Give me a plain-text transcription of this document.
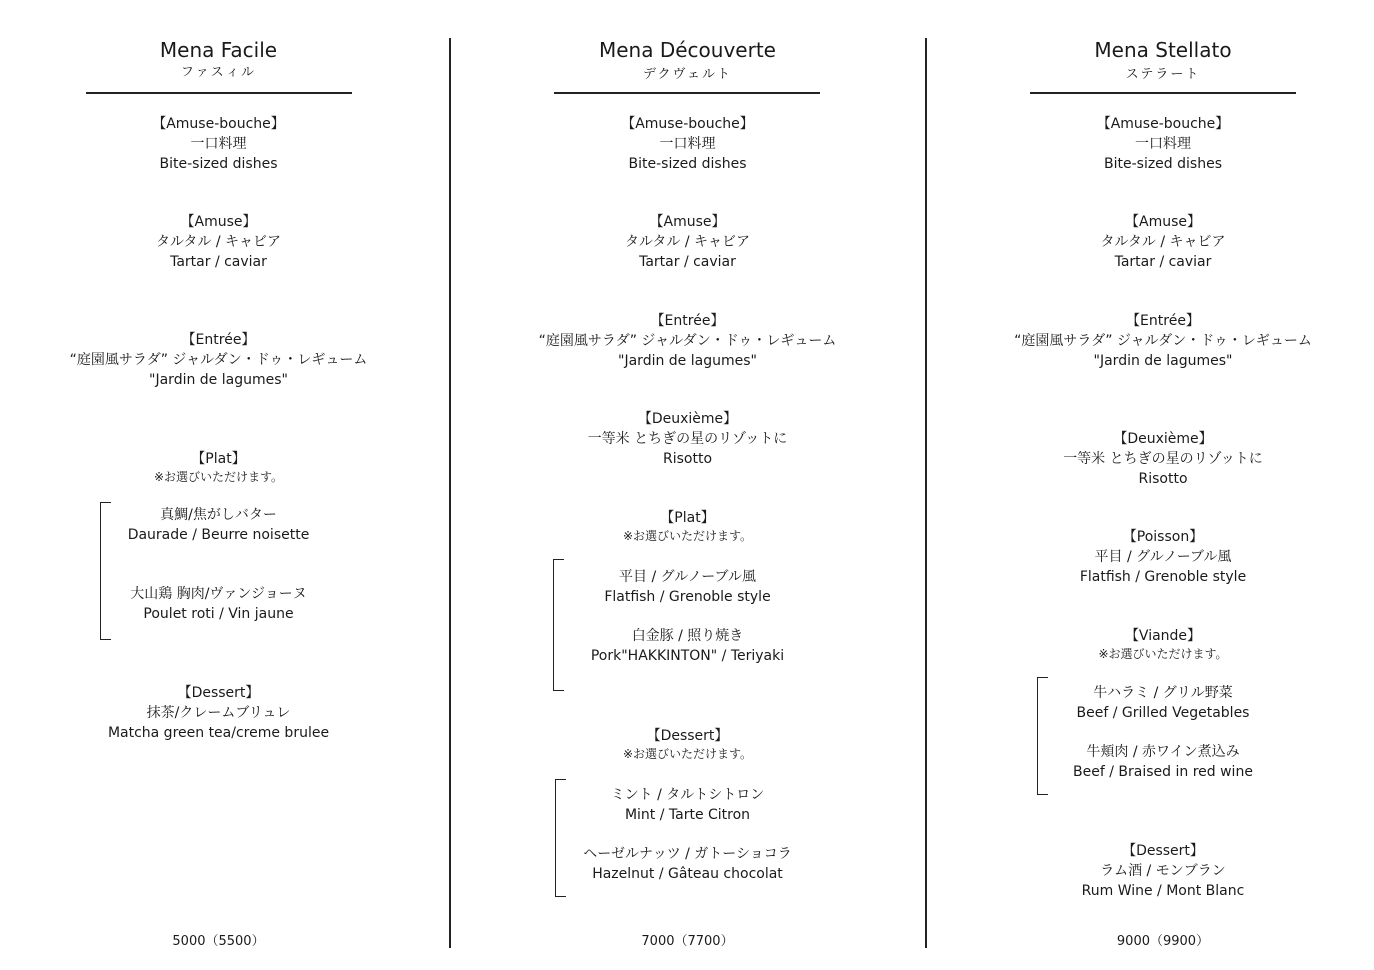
Mena Facile
ファスィル
【Amuse-bouche】
一口料理
Bite-sized dishes
【Amuse】
タルタル / キャビア
Tartar / caviar
【Entrée】
“庭園風サラダ” ジャルダン・ドゥ・レギューム
"Jardin de lagumes"
【Plat】
※お選びいただけます。
真鯛/焦がしバター
Daurade / Beurre noisette
大山鶏 胸肉/ヴァンジョーヌ
Poulet roti / Vin jaune
【Dessert】
抹茶/クレームブリュレ
Matcha green tea/creme brulee
5000（5500）
Mena Découverte
デクヴェルト
【Amuse-bouche】
一口料理
Bite-sized dishes
【Amuse】
タルタル / キャビア
Tartar / caviar
【Entrée】
“庭園風サラダ” ジャルダン・ドゥ・レギューム
"Jardin de lagumes"
【Deuxième】
一等米 とちぎの星のリゾットに
Risotto
【Plat】
※お選びいただけます。
平目 / グルノーブル風
Flatfish / Grenoble style
白金豚 / 照り焼き
Pork"HAKKINTON" / Teriyaki
【Dessert】
※お選びいただけます。
ミント / タルトシトロン
Mint / Tarte Citron
ヘーゼルナッツ / ガトーショコラ
Hazelnut / Gâteau chocolat
7000（7700）
Mena Stellato
ステラート
【Amuse-bouche】
一口料理
Bite-sized dishes
【Amuse】
タルタル / キャビア
Tartar / caviar
【Entrée】
“庭園風サラダ” ジャルダン・ドゥ・レギューム
"Jardin de lagumes"
【Deuxième】
一等米 とちぎの星のリゾットに
Risotto
【Poisson】
平目 / グルノーブル風
Flatfish / Grenoble style
【Viande】
※お選びいただけます。
牛ハラミ / グリル野菜
Beef / Grilled Vegetables
牛頬肉 / 赤ワイン煮込み
Beef / Braised in red wine
【Dessert】
ラム酒 / モンブラン
Rum Wine / Mont Blanc
9000（9900）
